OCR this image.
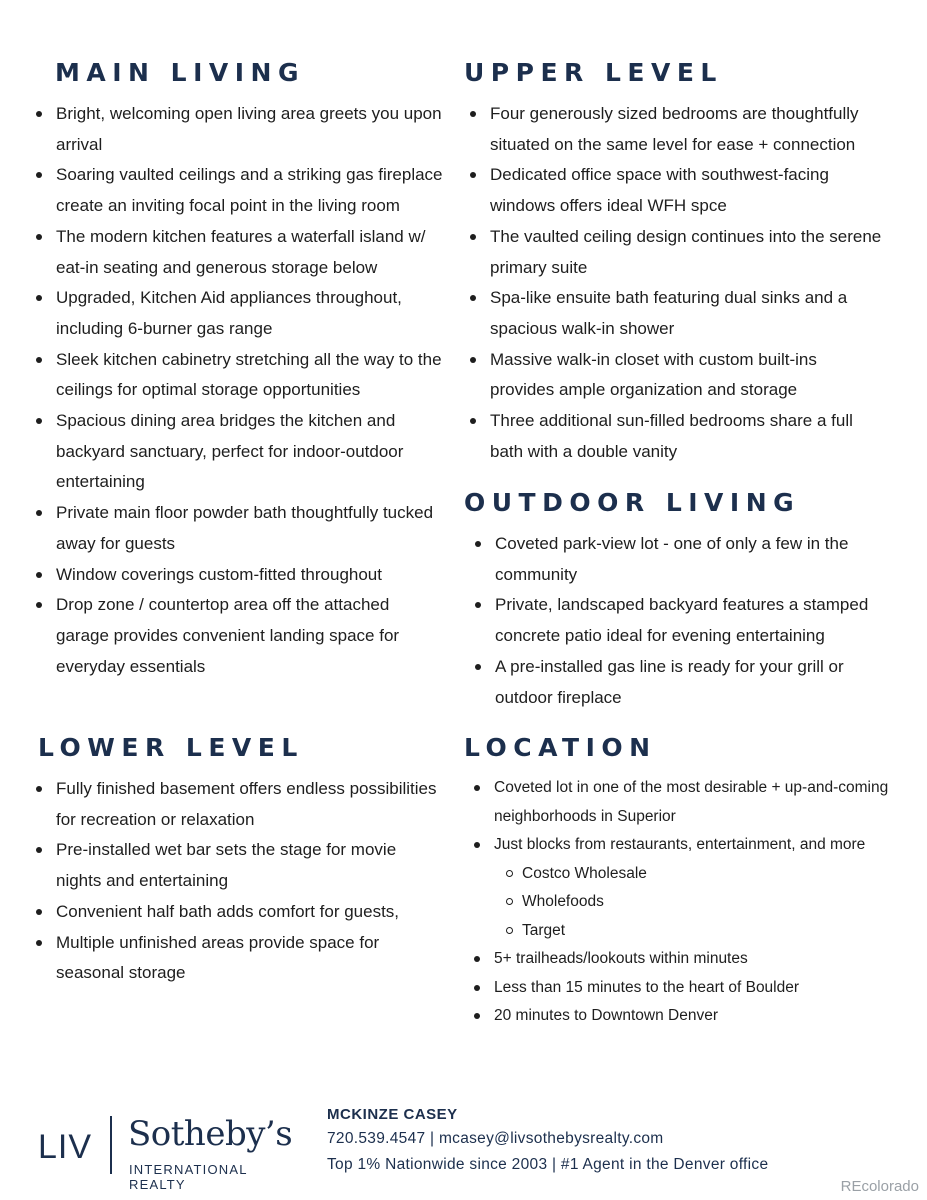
MAIN LIVING
Bright, welcoming open living area greets you upon arrival
Soaring vaulted ceilings and a striking gas fireplace create an inviting focal point in the living room
The modern kitchen features a waterfall island w/ eat-in seating and generous storage below
Upgraded, Kitchen Aid appliances throughout, including 6-burner gas range
Sleek kitchen cabinetry stretching all the way to the ceilings for optimal storage opportunities
Spacious dining area bridges the kitchen and backyard sanctuary, perfect for indoor-outdoor entertaining
Private main floor powder bath thoughtfully tucked away for guests
Window coverings custom-fitted throughout
Drop zone / countertop area off the attached garage provides convenient landing space for everyday essentials
UPPER LEVEL
Four generously sized bedrooms are thoughtfully situated on the same level for ease + connection
Dedicated office space with southwest-facing windows offers ideal WFH spce
The vaulted ceiling design continues into the serene primary suite
Spa-like ensuite bath featuring dual sinks and a spacious walk-in shower
Massive walk-in closet with custom built-ins provides ample organization and storage
Three additional sun-filled bedrooms share a full bath with a double vanity
OUTDOOR LIVING
Coveted park-view lot - one of only a few in the community
Private, landscaped backyard features a stamped concrete patio ideal for evening entertaining
A pre-installed gas line is ready for your grill or outdoor fireplace
LOWER LEVEL
Fully finished basement offers endless possibilities for recreation or relaxation
Pre-installed wet bar sets the stage for movie nights and entertaining
Convenient half bath adds comfort for guests,
Multiple unfinished areas provide space for seasonal storage
LOCATION
Coveted lot in one of the most desirable + up-and-coming neighborhoods in Superior
Just blocks from restaurants, entertainment, and more
Costco Wholesale
Wholefoods
Target
5+ trailheads/lookouts within minutes
Less than 15 minutes to the heart of Boulder
20 minutes to Downtown Denver
LIV Sotheby’s
INTERNATIONAL REALTY
MCKINZE CASEY
720.539.4547 | mcasey@livsothebysrealty.com
Top 1% Nationwide since 2003 | #1 Agent in the Denver office
REcolorado
